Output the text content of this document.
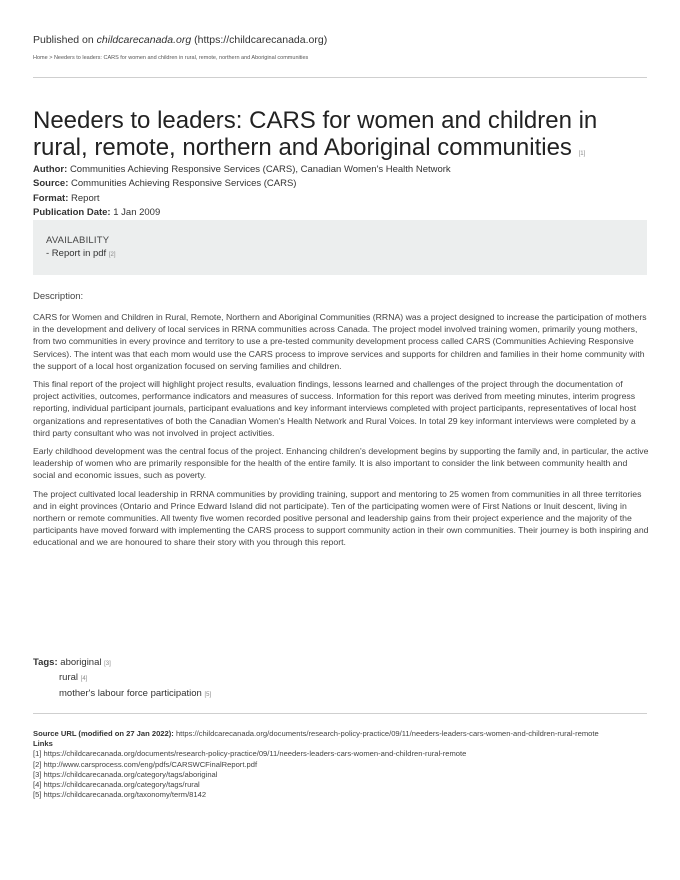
Published on childcarecanada.org (https://childcarecanada.org)
Home > Needers to leaders: CARS for women and children in rural, remote, northern and Aboriginal communities
Needers to leaders: CARS for women and children in rural, remote, northern and Aboriginal communities [1]
Author: Communities Achieving Responsive Services (CARS), Canadian Women's Health Network
Source: Communities Achieving Responsive Services (CARS)
Format: Report
Publication Date: 1 Jan 2009
AVAILABILITY
- Report in pdf [2]
Description:

CARS for Women and Children in Rural, Remote, Northern and Aboriginal Communities (RRNA) was a project designed to increase the participation of mothers in the development and delivery of local services in RRNA communities across Canada. The project model involved training women, primarily young mothers, from two communities in every province and territory to use a pre-tested community development process called CARS (Communities Achieving Responsive Services). The intent was that each mom would use the CARS process to improve services and supports for children and families in their home community with the support of a local host organization focused on serving families and children.

This final report of the project will highlight project results, evaluation findings, lessons learned and challenges of the project through the documentation of project activities, outcomes, performance indicators and measures of success. Information for this report was derived from meeting minutes, interim progress reporting, individual participant journals, participant evaluations and key informant interviews completed with project participants, representatives of local host organizations and representatives of both the Canadian Women's Health Network and Rural Voices. In total 29 key informant interviews were completed by a third party consultant who was not involved in project activities.

Early childhood development was the central focus of the project. Enhancing children's development begins by supporting the family and, in particular, the active leadership of women who are primarily responsible for the health of the entire family. It is also important to consider the link between community health and social and economic issues, such as poverty.

The project cultivated local leadership in RRNA communities by providing training, support and mentoring to 25 women from communities in all three territories and in eight provinces (Ontario and Prince Edward Island did not participate). Ten of the participating women were of First Nations or Inuit descent, living in northern or remote communities. All twenty five women recorded positive personal and leadership gains from their project experience and the majority of the participants have moved forward with implementing the CARS process to support community action in their own communities. Their journey is both inspiring and educational and we are honoured to share their story with you through this report.

Tags: aboriginal [3]
rural [4]
mother's labour force participation [5]
Source URL (modified on 27 Jan 2022): https://childcarecanada.org/documents/research-policy-practice/09/11/needers-leaders-cars-women-and-children-rural-remote
Links
[1] https://childcarecanada.org/documents/research-policy-practice/09/11/needers-leaders-cars-women-and-children-rural-remote
[2] http://www.carsprocess.com/eng/pdfs/CARSWCFinalReport.pdf
[3] https://childcarecanada.org/category/tags/aboriginal
[4] https://childcarecanada.org/category/tags/rural
[5] https://childcarecanada.org/taxonomy/term/8142
